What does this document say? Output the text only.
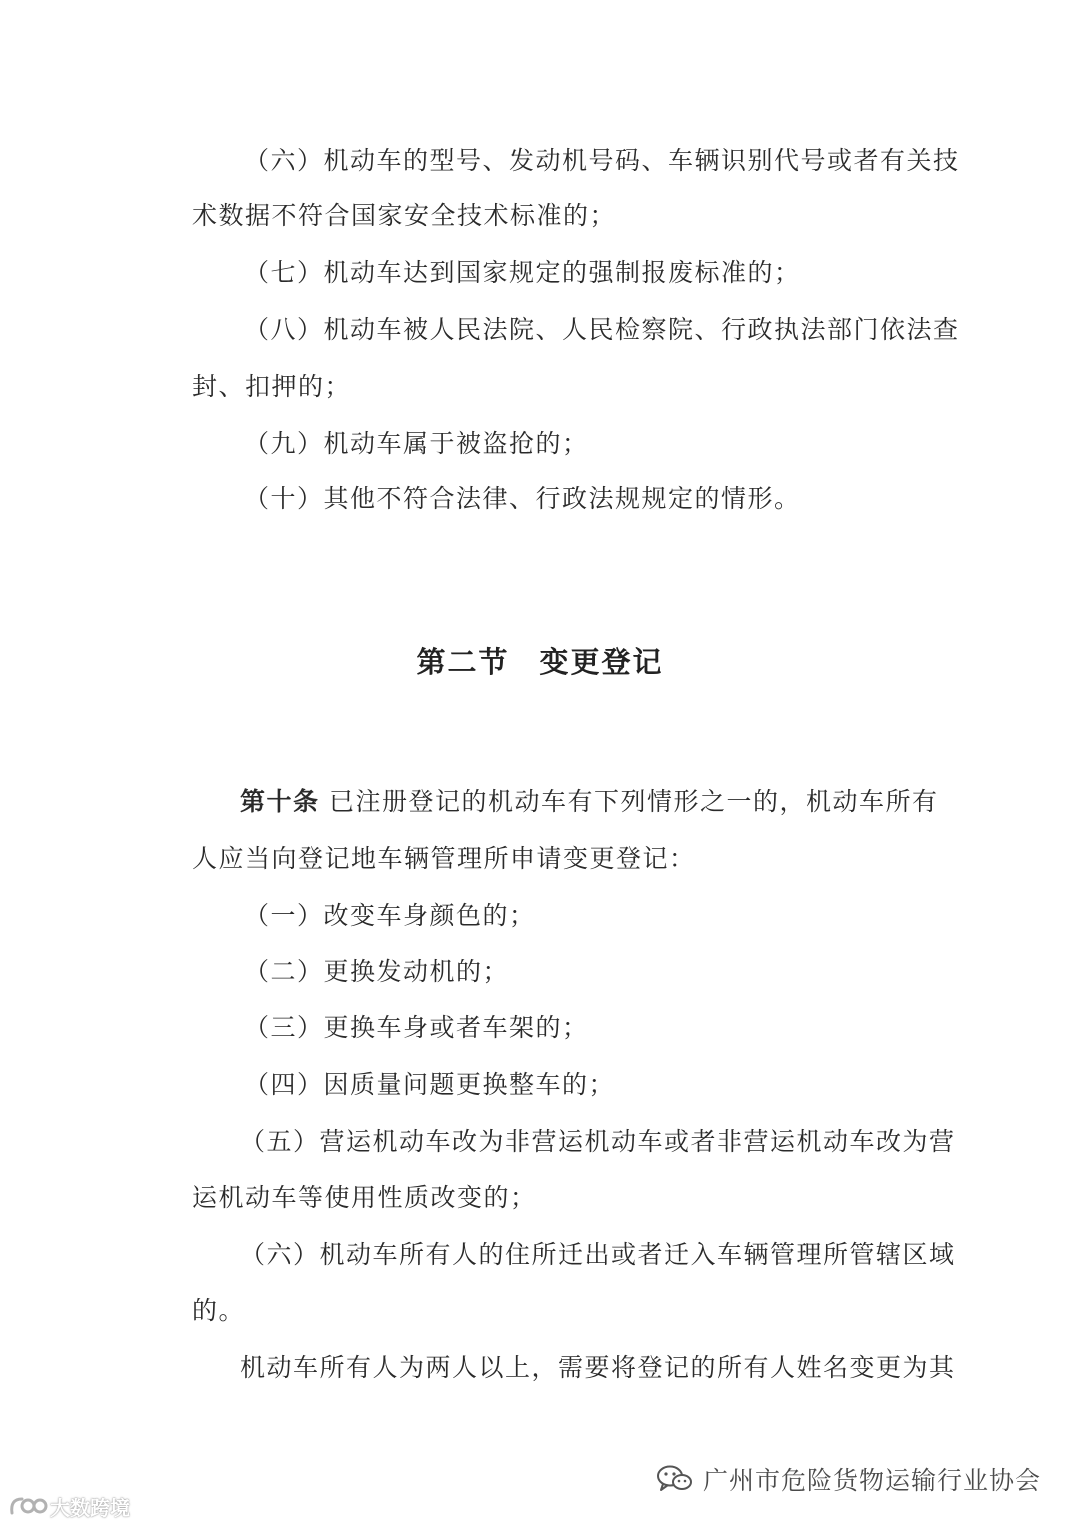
（六）机动车的型号、发动机号码、车辆识别代号或者有关技
术数据不符合国家安全技术标准的；
（七）机动车达到国家规定的强制报废标准的；
（八）机动车被人民法院、人民检察院、行政执法部门依法查
封、扣押的；
（九）机动车属于被盗抢的；
（十）其他不符合法律、行政法规规定的情形。
第二节 变更登记
第十条 已注册登记的机动车有下列情形之一的，机动车所有
人应当向登记地车辆管理所申请变更登记：
（一）改变车身颜色的；
（二）更换发动机的；
（三）更换车身或者车架的；
（四）因质量问题更换整车的；
（五）营运机动车改为非营运机动车或者非营运机动车改为营
运机动车等使用性质改变的；
（六）机动车所有人的住所迁出或者迁入车辆管理所管辖区域
的。
机动车所有人为两人以上，需要将登记的所有人姓名变更为其
广州市危险货物运输行业协会
大数跨境
